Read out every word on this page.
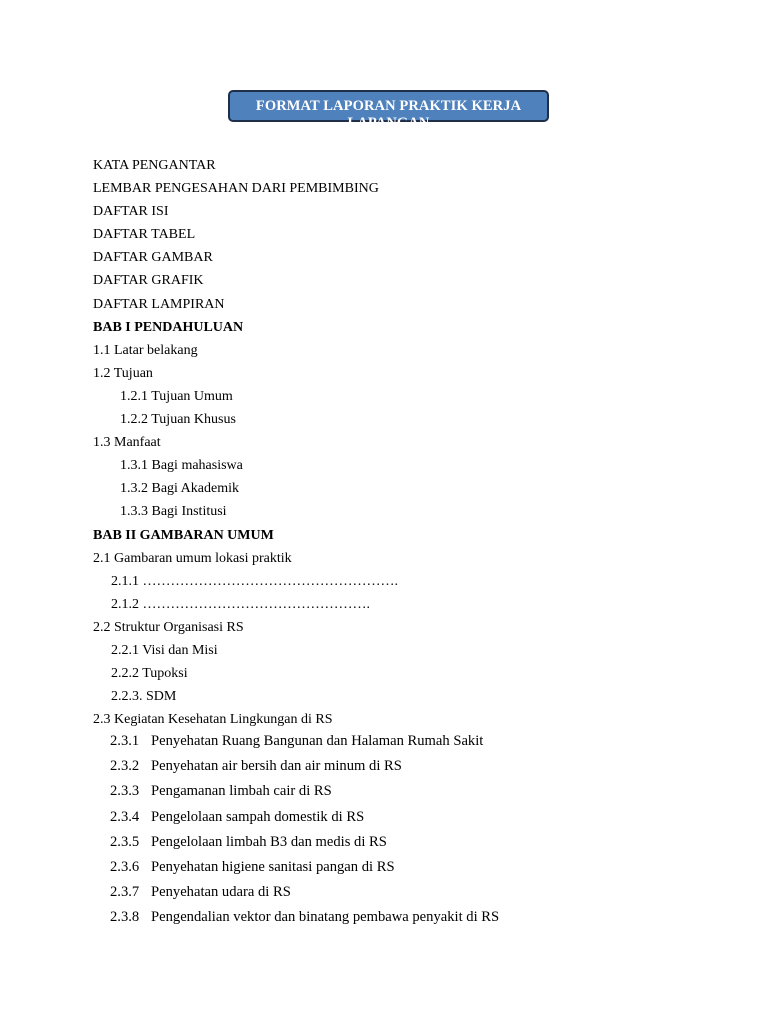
FORMAT LAPORAN PRAKTIK KERJA
LAPANGAN
KATA PENGANTAR
LEMBAR PENGESAHAN DARI PEMBIMBING
DAFTAR ISI
DAFTAR TABEL
DAFTAR GAMBAR
DAFTAR GRAFIK
DAFTAR LAMPIRAN
BAB I PENDAHULUAN
1.1 Latar belakang
1.2 Tujuan
1.2.1 Tujuan Umum
1.2.2 Tujuan Khusus
1.3 Manfaat
1.3.1 Bagi mahasiswa
1.3.2 Bagi Akademik
1.3.3 Bagi Institusi
BAB II GAMBARAN UMUM
2.1 Gambaran umum lokasi praktik
2.1.1 ……………………………………………….
2.1.2 ………………………………………….
2.2 Struktur Organisasi RS
2.2.1 Visi dan Misi
2.2.2 Tupoksi
2.2.3. SDM
2.3 Kegiatan Kesehatan Lingkungan di RS
2.3.1 Penyehatan Ruang Bangunan dan Halaman Rumah Sakit
2.3.2 Penyehatan air bersih dan air minum di RS
2.3.3 Pengamanan limbah cair di RS
2.3.4 Pengelolaan sampah domestik di RS
2.3.5 Pengelolaan limbah B3 dan medis di RS
2.3.6 Penyehatan higiene sanitasi pangan di RS
2.3.7 Penyehatan udara di RS
2.3.8 Pengendalian vektor dan binatang pembawa penyakit di RS
